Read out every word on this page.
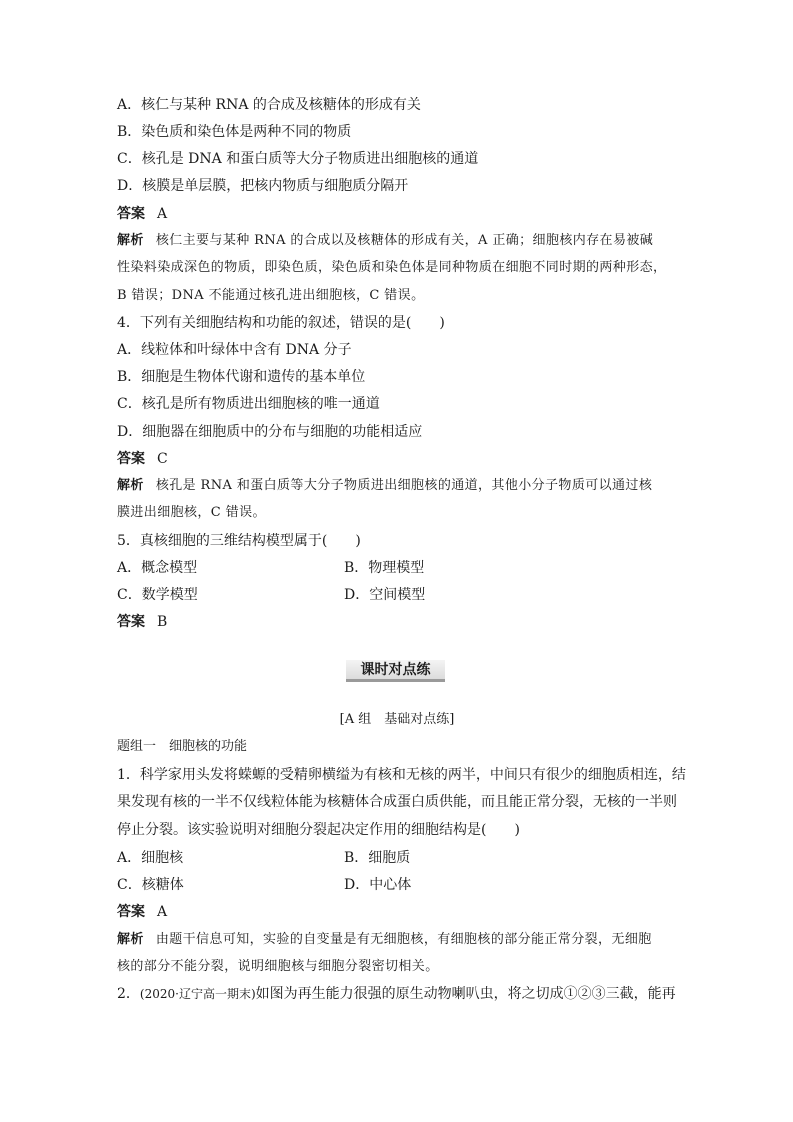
A．核仁与某种 RNA 的合成及核糖体的形成有关
B．染色质和染色体是两种不同的物质
C．核孔是 DNA 和蛋白质等大分子物质进出细胞核的通道
D．核膜是单层膜，把核内物质与细胞质分隔开
答案 A
解析 核仁主要与某种 RNA 的合成以及核糖体的形成有关，A 正确；细胞核内存在易被碱
性染料染成深色的物质，即染色质，染色质和染色体是同种物质在细胞不同时期的两种形态，
B 错误；DNA 不能通过核孔进出细胞核，C 错误。
4．下列有关细胞结构和功能的叙述，错误的是(　　)
A．线粒体和叶绿体中含有 DNA 分子
B．细胞是生物体代谢和遗传的基本单位
C．核孔是所有物质进出细胞核的唯一通道
D．细胞器在细胞质中的分布与细胞的功能相适应
答案 C
解析 核孔是 RNA 和蛋白质等大分子物质进出细胞核的通道，其他小分子物质可以通过核
膜进出细胞核，C 错误。
5．真核细胞的三维结构模型属于(　　)
A．概念模型	B．物理模型
C．数学模型	D．空间模型
答案 B
课时对点练
[A 组　基础对点练]
题组一　细胞核的功能
1．科学家用头发将蝾螈的受精卵横缢为有核和无核的两半，中间只有很少的细胞质相连，结
果发现有核的一半不仅线粒体能为核糖体合成蛋白质供能，而且能正常分裂，无核的一半则
停止分裂。该实验说明对细胞分裂起决定作用的细胞结构是(　　)
A．细胞核	B．细胞质
C．核糖体	D．中心体
答案 A
解析 由题干信息可知，实验的自变量是有无细胞核，有细胞核的部分能正常分裂，无细胞
核的部分不能分裂，说明细胞核与细胞分裂密切相关。
2．(2020·辽宁高一期末)如图为再生能力很强的原生动物喇叭虫，将之切成①②③三截，能再
